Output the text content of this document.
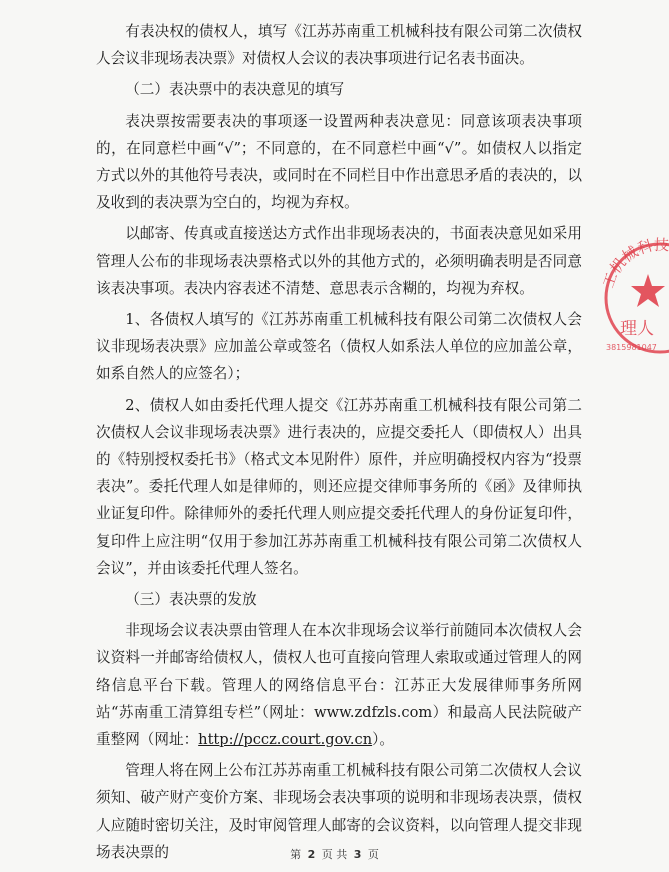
有表决权的债权人，填写《江苏苏南重工机械科技有限公司第二次债权人会议非现场表决票》对债权人会议的表决事项进行记名表书面决。

（二）表决票中的表决意见的填写

表决票按需要表决的事项逐一设置两种表决意见：同意该项表决事项的，在同意栏中画“√”；不同意的，在不同意栏中画“√”。如债权人以指定方式以外的其他符号表决，或同时在不同栏目中作出意思矛盾的表决的，以及收到的表决票为空白的，均视为弃权。

以邮寄、传真或直接送达方式作出非现场表决的，书面表决意见如采用管理人公布的非现场表决票格式以外的其他方式的，必须明确表明是否同意该表决事项。表决内容表述不清楚、意思表示含糊的，均视为弃权。

1、各债权人填写的《江苏苏南重工机械科技有限公司第二次债权人会议非现场表决票》应加盖公章或签名（债权人如系法人单位的应加盖公章，如系自然人的应签名）；

2、债权人如由委托代理人提交《江苏苏南重工机械科技有限公司第二次债权人会议非现场表决票》进行表决的，应提交委托人（即债权人）出具的《特别授权委托书》（格式文本见附件）原件，并应明确授权内容为“投票表决”。委托代理人如是律师的，则还应提交律师事务所的《函》及律师执业证复印件。除律师外的委托代理人则应提交委托代理人的身份证复印件，复印件上应注明“仅用于参加江苏苏南重工机械科技有限公司第二次债权人会议”，并由该委托代理人签名。

（三）表决票的发放

非现场会议表决票由管理人在本次非现场会议举行前随同本次债权人会议资料一并邮寄给债权人，债权人也可直接向管理人索取或通过管理人的网络信息平台下载。管理人的网络信息平台：江苏正大发展律师事务所网站“苏南重工清算组专栏”（网址：www.zdfzls.com）和最高人民法院破产重整网（网址：http://pccz.court.gov.cn）。

管理人将在网上公布江苏苏南重工机械科技有限公司第二次债权人会议须知、破产财产变价方案、非现场会表决事项的说明和非现场表决票，债权人应随时密切关注，及时审阅管理人邮寄的会议资料，以向管理人提交非现场表决票的	第 2 页 共 3 页
工机械科技
理人
3815981047
